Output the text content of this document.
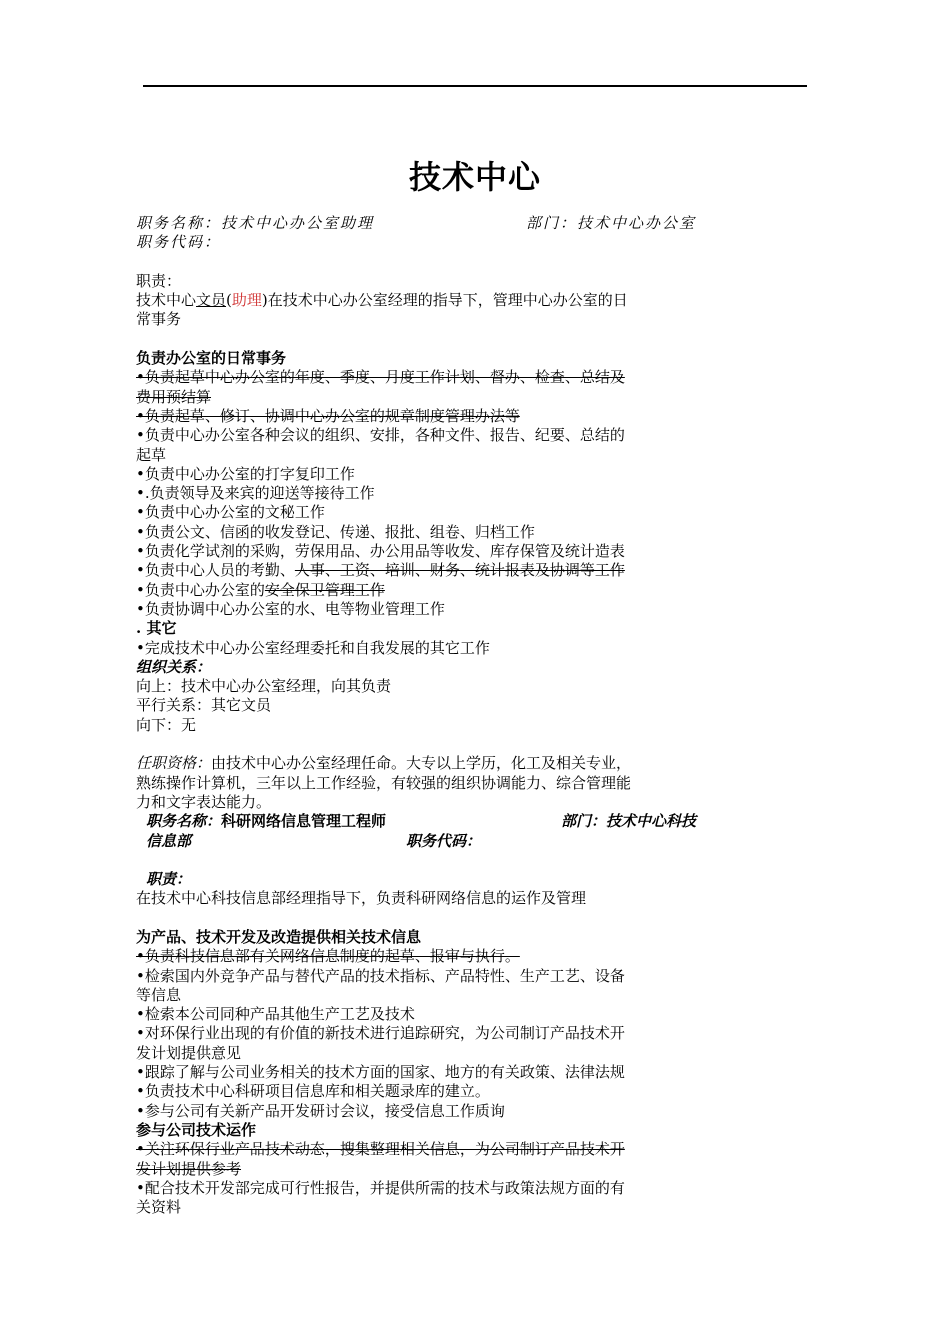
技术中心
职务名称：技术中心办公室助理	部门：技术中心办公室
职务代码：
职责：
技术中心文员(助理)在技术中心办公室经理的指导下，管理中心办公室的日
常事务
负责办公室的日常事务
•负责起草中心办公室的年度、季度、月度工作计划、督办、检查、总结及
费用预结算
•负责起草、修订、协调中心办公室的规章制度管理办法等
•负责中心办公室各种会议的组织、安排，各种文件、报告、纪要、总结的
起草
•负责中心办公室的打字复印工作
•.负责领导及来宾的迎送等接待工作
•负责中心办公室的文秘工作
•负责公文、信函的收发登记、传递、报批、组卷、归档工作
•负责化学试剂的采购，劳保用品、办公用品等收发、库存保管及统计造表
•负责中心人员的考勤、人事、工资、培训、财务、统计报表及协调等工作
•负责中心办公室的安全保卫管理工作
•负责协调中心办公室的水、电等物业管理工作
. 其它
•完成技术中心办公室经理委托和自我发展的其它工作
组织关系：
向上：技术中心办公室经理，向其负责
平行关系：其它文员
向下：无
任职资格：由技术中心办公室经理任命。大专以上学历，化工及相关专业，
熟练操作计算机，三年以上工作经验，有较强的组织协调能力、综合管理能
力和文字表达能力。
职务名称：科研网络信息管理工程师	部门：技术中心科技
信息部	职务代码：
职责：
在技术中心科技信息部经理指导下，负责科研网络信息的运作及管理
为产品、技术开发及改造提供相关技术信息
•负责科技信息部有关网络信息制度的起草、报审与执行。
•检索国内外竞争产品与替代产品的技术指标、产品特性、生产工艺、设备
等信息
•检索本公司同种产品其他生产工艺及技术
•对环保行业出现的有价值的新技术进行追踪研究，为公司制订产品技术开
发计划提供意见
•跟踪了解与公司业务相关的技术方面的国家、地方的有关政策、法律法规
•负责技术中心科研项目信息库和相关题录库的建立。
•参与公司有关新产品开发研讨会议，接受信息工作质询
参与公司技术运作
•关注环保行业产品技术动态，搜集整理相关信息，为公司制订产品技术开
发计划提供参考
•配合技术开发部完成可行性报告，并提供所需的技术与政策法规方面的有
关资料
